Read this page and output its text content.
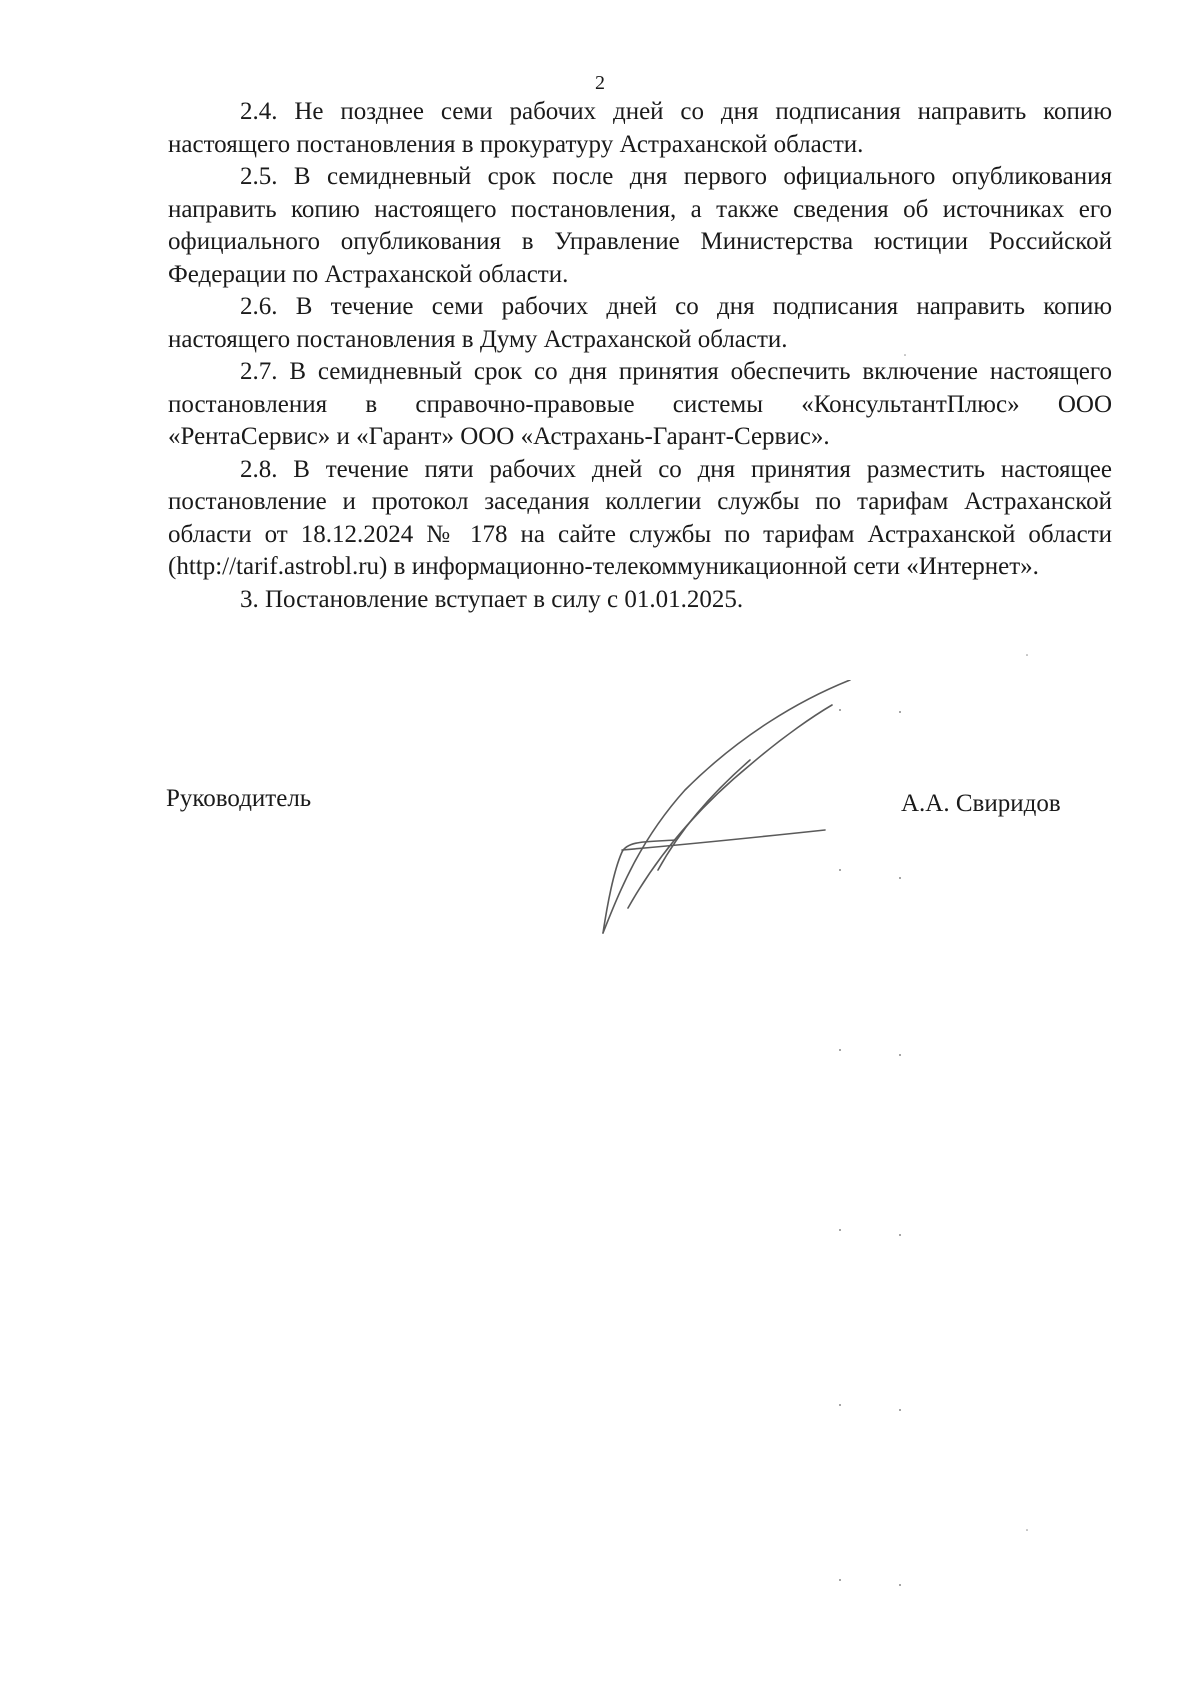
2

2.4. Не позднее семи рабочих дней со дня подписания направить копию настоящего постановления в прокуратуру Астраханской области.

2.5. В семидневный срок после дня первого официального опубликования направить копию настоящего постановления, а также сведения об источниках его официального опубликования в Управление Министерства юстиции Российской Федерации по Астраханской области.

2.6. В течение семи рабочих дней со дня подписания направить копию настоящего постановления в Думу Астраханской области.

2.7. В семидневный срок со дня принятия обеспечить включение настоящего постановления в справочно-правовые системы «КонсультантПлюс» ООО «РентаСервис» и «Гарант» ООО «Астрахань-Гарант-Сервис».

2.8. В течение пяти рабочих дней со дня принятия разместить настоящее постановление и протокол заседания коллегии службы по тарифам Астраханской области от 18.12.2024 № 178 на сайте службы по тарифам Астраханской области (http://tarif.astrobl.ru) в информационно-телекоммуникационной сети «Интернет».

3. Постановление вступает в силу с 01.01.2025.

Руководитель	А.А. Свиридов
